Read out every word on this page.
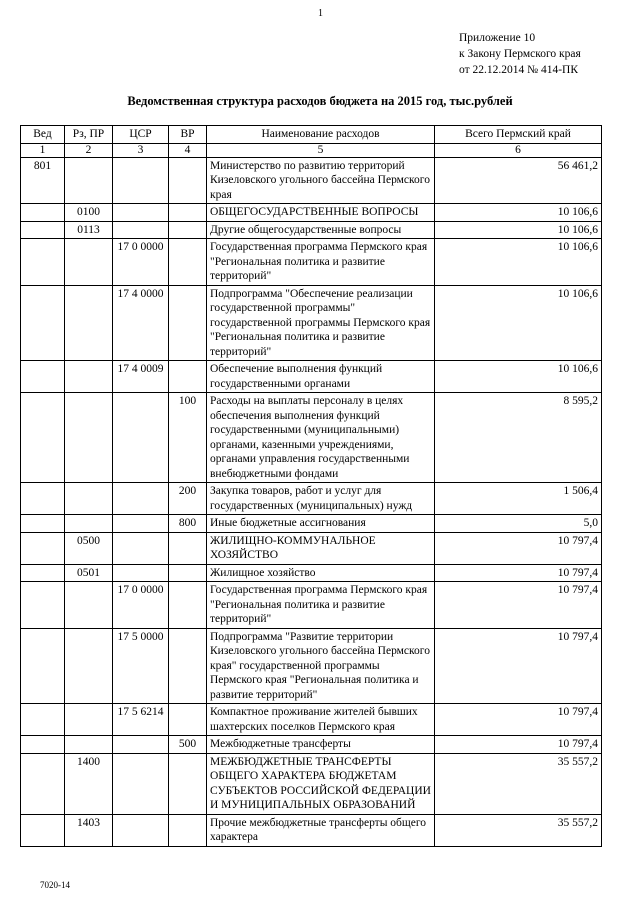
1
Приложение 10
к Закону Пермского края
от 22.12.2014 № 414-ПК
Ведомственная структура расходов бюджета на 2015 год, тыс.рублей
Вед	Рз, ПР	ЦСР	ВР	Наименование расходов	Всего Пермский край
1	2	3	4	5	6
801				Министерство по развитию территорий Кизеловского угольного бассейна Пермского края	56 461,2
	0100			ОБЩЕГОСУДАРСТВЕННЫЕ ВОПРОСЫ	10 106,6
	0113			Другие общегосударственные вопросы	10 106,6
		17 0 0000		Государственная программа Пермского края "Региональная политика и развитие территорий"	10 106,6
		17 4 0000		Подпрограмма "Обеспечение реализации государственной программы" государственной программы Пермского края "Региональная политика и развитие территорий"	10 106,6
		17 4 0009		Обеспечение выполнения функций государственными органами	10 106,6
			100	Расходы на выплаты персоналу в целях обеспечения выполнения функций государственными (муниципальными) органами, казенными учреждениями, органами управления государственными внебюджетными фондами	8 595,2
			200	Закупка товаров, работ и услуг для государственных (муниципальных) нужд	1 506,4
			800	Иные бюджетные ассигнования	5,0
	0500			ЖИЛИЩНО-КОММУНАЛЬНОЕ ХОЗЯЙСТВО	10 797,4
	0501			Жилищное хозяйство	10 797,4
		17 0 0000		Государственная программа Пермского края "Региональная политика и развитие территорий"	10 797,4
		17 5 0000		Подпрограмма "Развитие территории Кизеловского угольного бассейна Пермского края" государственной программы Пермского края "Региональная политика и развитие территорий"	10 797,4
		17 5 6214		Компактное проживание жителей бывших шахтерских поселков Пермского края	10 797,4
			500	Межбюджетные трансферты	10 797,4
	1400			МЕЖБЮДЖЕТНЫЕ ТРАНСФЕРТЫ ОБЩЕГО ХАРАКТЕРА БЮДЖЕТАМ СУБЪЕКТОВ РОССИЙСКОЙ ФЕДЕРАЦИИ И МУНИЦИПАЛЬНЫХ ОБРАЗОВАНИЙ	35 557,2
	1403			Прочие межбюджетные трансферты общего характера	35 557,2
7020-14
